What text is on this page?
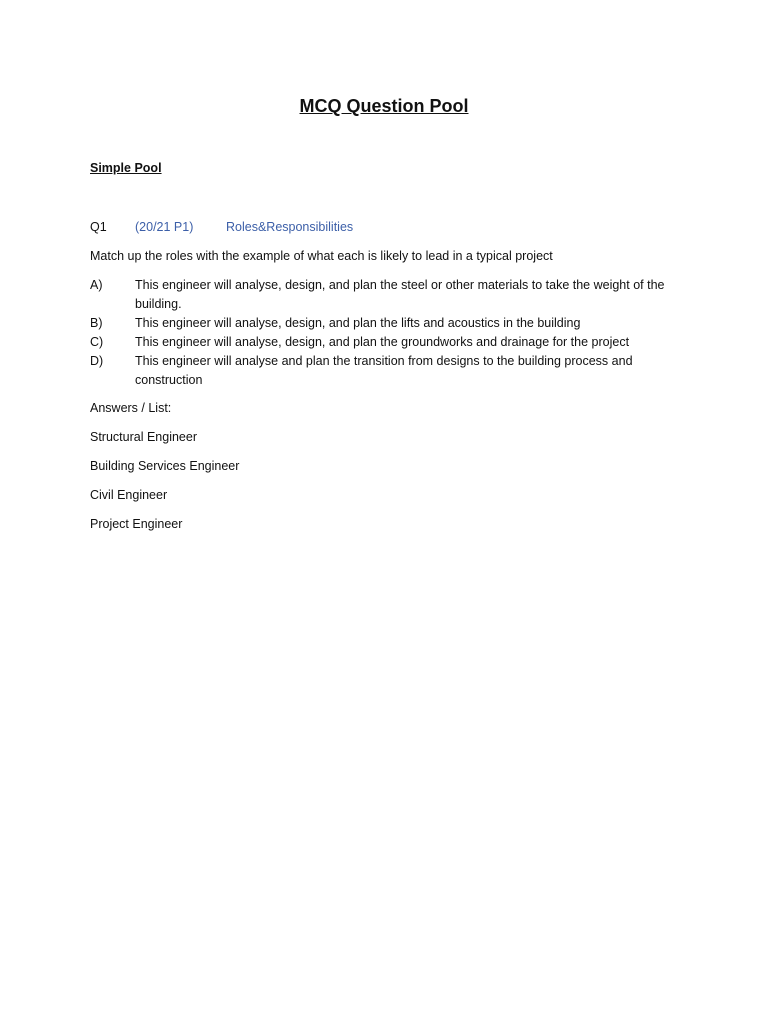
MCQ Question Pool
Simple Pool
Q1 (20/21 P1)	Roles&Responsibilities
Match up the roles with the example of what each is likely to lead in a typical project
A)	This engineer will analyse, design, and plan the steel or other materials to take the weight of the building.
B)	This engineer will analyse, design, and plan the lifts and acoustics in the building
C)	This engineer will analyse, design, and plan the groundworks and drainage for the project
D)	This engineer will analyse and plan the transition from designs to the building process and construction
Answers / List:
Structural Engineer
Building Services Engineer
Civil Engineer
Project Engineer
